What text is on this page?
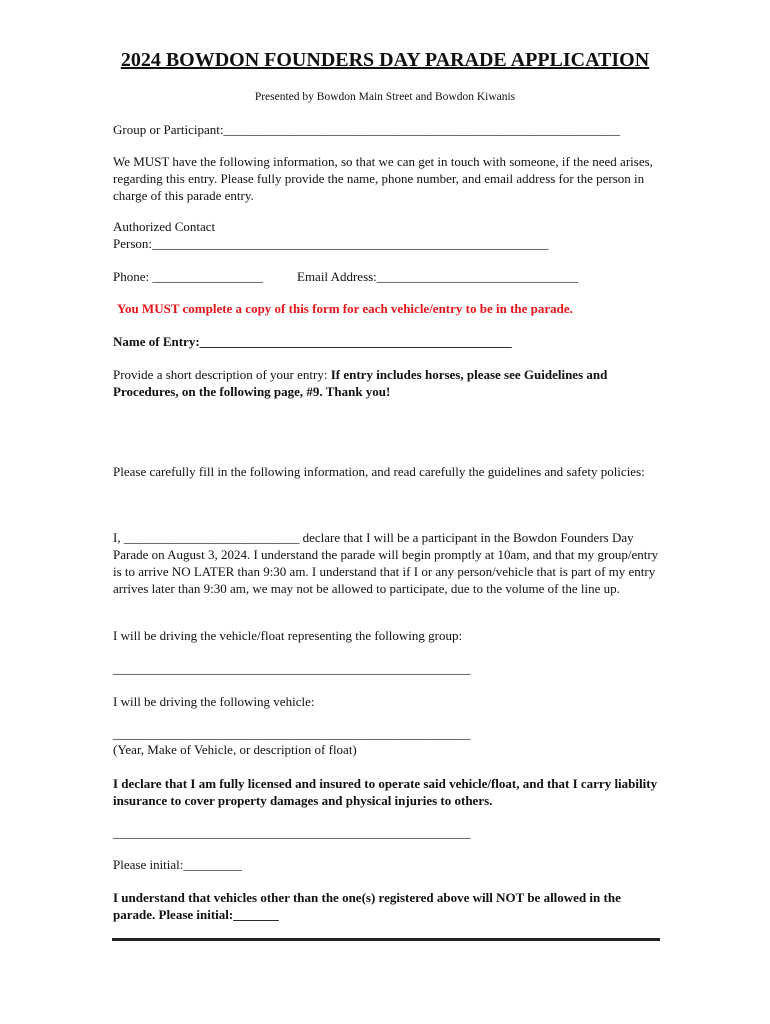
2024 BOWDON FOUNDERS DAY PARADE APPLICATION

Presented by Bowdon Main Street and Bowdon Kiwanis

Group or Participant:_____________________________________________________________

We MUST have the following information, so that we can get in touch with someone, if the need arises, regarding this entry. Please fully provide the name, phone number, and email address for the person in charge of this parade entry.

Authorized Contact

Person:_____________________________________________________________

Phone: _________________	Email Address:_______________________________

You MUST complete a copy of this form for each vehicle/entry to be in the parade.

Name of Entry:________________________________________________

Provide a short description of your entry: If entry includes horses, please see Guidelines and Procedures, on the following page, #9. Thank you!

Please carefully fill in the following information, and read carefully the guidelines and safety policies:

I, ___________________________ declare that I will be a participant in the Bowdon Founders Day Parade on August 3, 2024. I understand the parade will begin promptly at 10am, and that my group/entry is to arrive NO LATER than 9:30 am. I understand that if I or any person/vehicle that is part of my entry arrives later than 9:30 am, we may not be allowed to participate, due to the volume of the line up.

I will be driving the vehicle/float representing the following group:

_______________________________________________________

I will be driving the following vehicle:

_______________________________________________________

(Year, Make of Vehicle, or description of float)

I declare that I am fully licensed and insured to operate said vehicle/float, and that I carry liability insurance to cover property damages and physical injuries to others.

_______________________________________________________

Please initial:_________

I understand that vehicles other than the one(s) registered above will NOT be allowed in the parade. Please initial:_______
